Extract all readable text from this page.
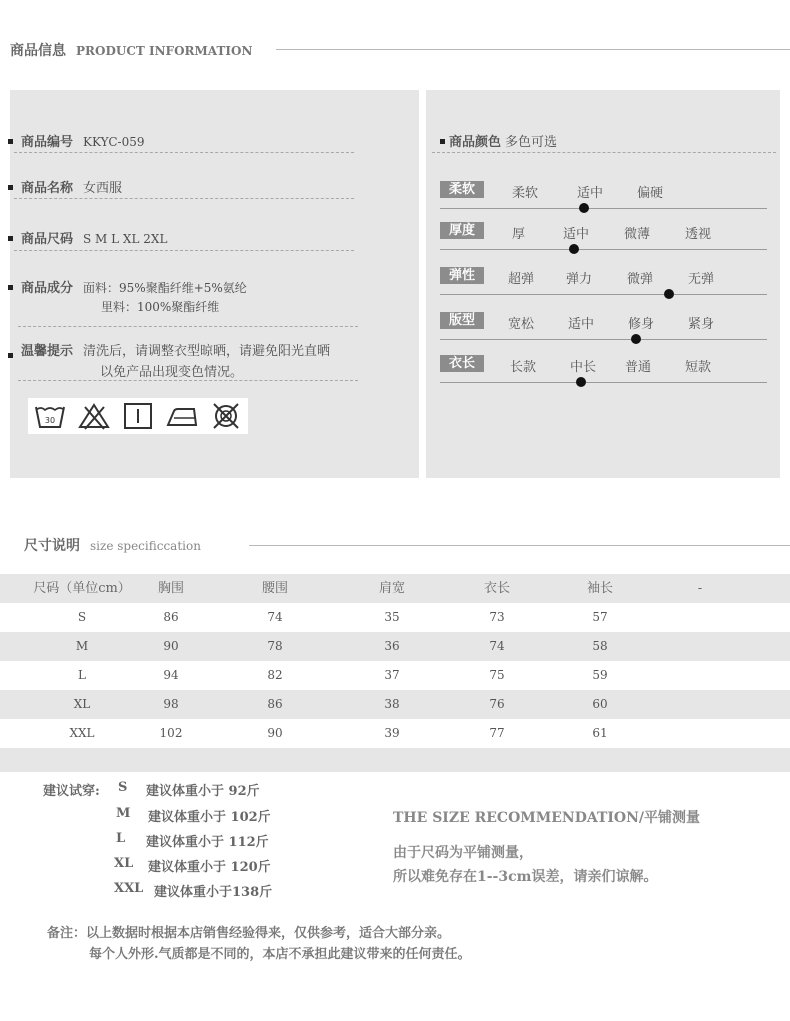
商品信息 PRODUCT INFORMATION
商品编号 KKYC-059
商品名称 女西服
商品尺码 S M L XL 2XL
商品成分 面料：95%聚酯纤维+5%氨纶
里料：100%聚酯纤维
温馨提示 清洗后，请调整衣型晾晒，请避免阳光直晒
以免产品出现变色情况。
30
商品颜色 多色可选
柔软	柔软	适中	偏硬
厚度	厚	适中	微薄	透视
弹性	超弹 弹力	微弹	无弹
版型	宽松	适中	修身	紧身
衣长	长款	中长 普通	短款
尺寸说明 size specificcation
尺码（单位cm）	胸围	腰围	肩宽	衣长	袖长	-
S	86	74	35	73	57
M	90	78	36	74	58
L	94	82	37	75	59
XL	98	86	38	76	60
XXL	102	90	39	77	61
建议试穿: S 建议体重小于 92斤
M 建议体重小于 102斤
L 建议体重小于 112斤
XL 建议体重小于 120斤
XXL 建议体重小于138斤
THE SIZE RECOMMENDATION/平铺测量
由于尺码为平铺测量，
所以难免存在1--3cm误差，请亲们谅解。
备注：以上数据时根据本店销售经验得来，仅供参考，适合大部分亲。
每个人外形.气质都是不同的，本店不承担此建议带来的任何责任。
